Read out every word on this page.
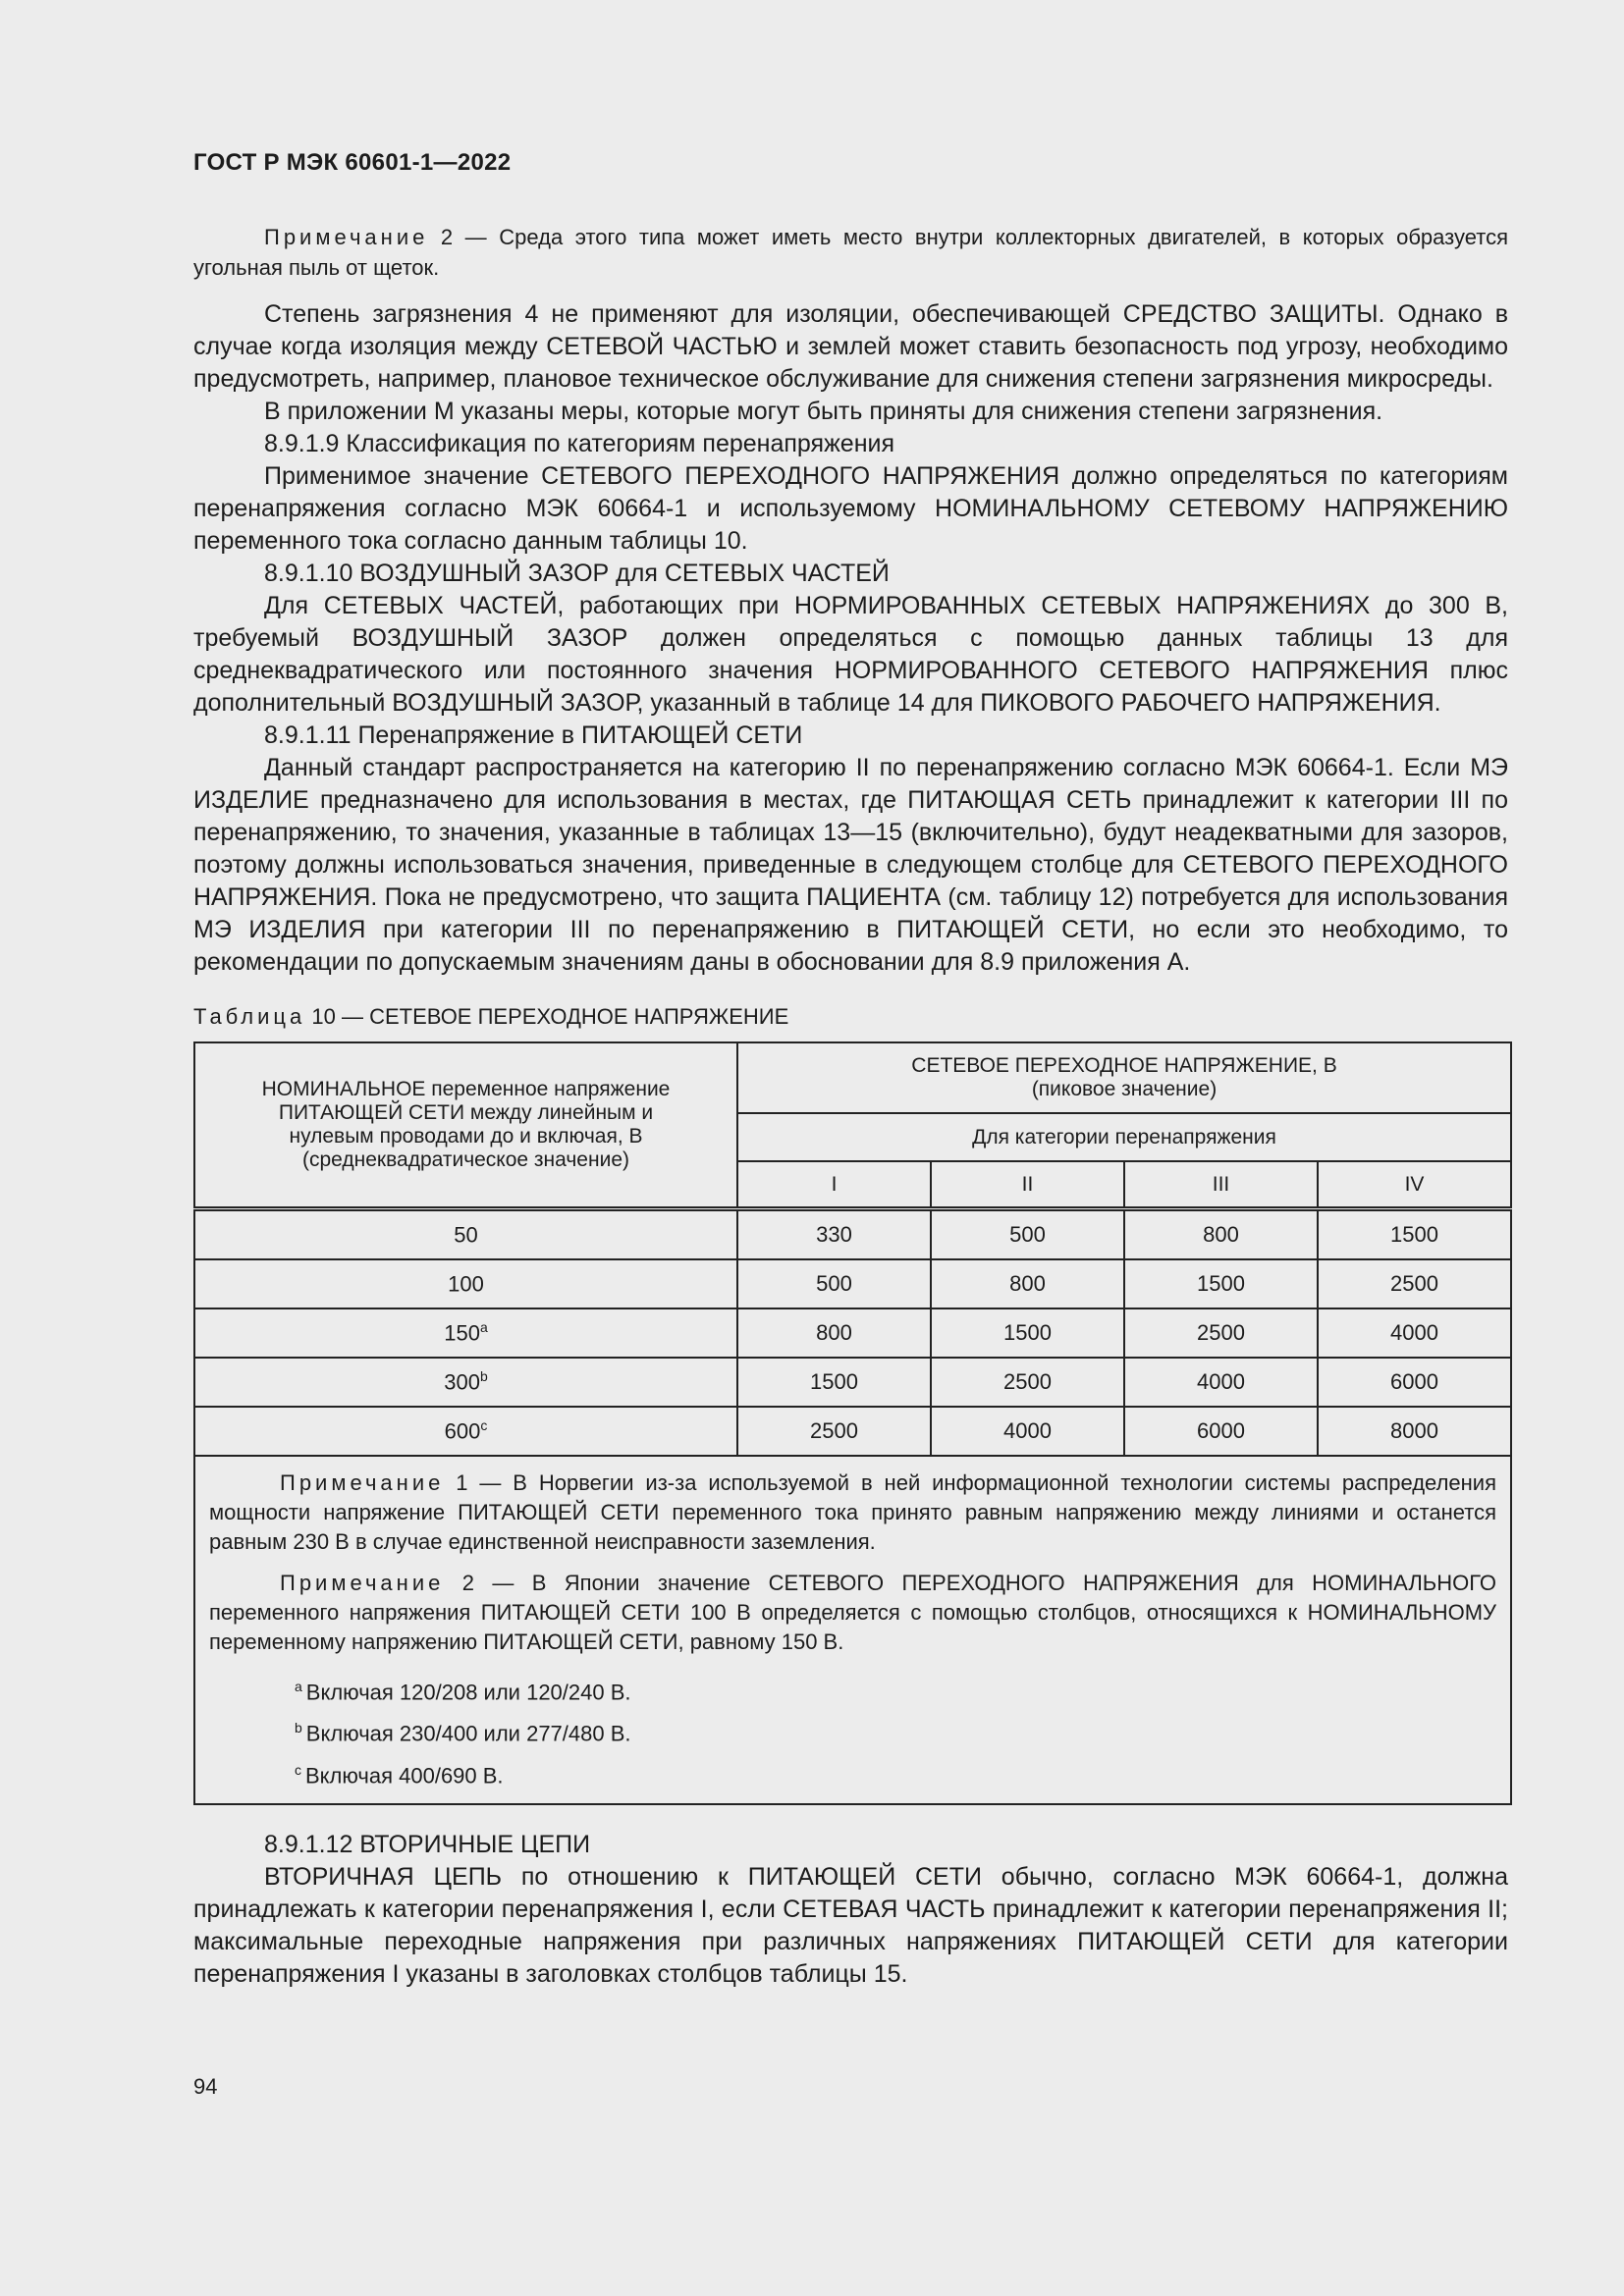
ГОСТ Р МЭК 60601-1—2022

Примечание 2 — Среда этого типа может иметь место внутри коллекторных двигателей, в которых образуется угольная пыль от щеток.

Степень загрязнения 4 не применяют для изоляции, обеспечивающей СРЕДСТВО ЗАЩИТЫ. Однако в случае когда изоляция между СЕТЕВОЙ ЧАСТЬЮ и землей может ставить безопасность под угрозу, необходимо предусмотреть, например, плановое техническое обслуживание для снижения степени загрязнения микросреды.

В приложении М указаны меры, которые могут быть приняты для снижения степени загрязнения.

8.9.1.9 Классификация по категориям перенапряжения

Применимое значение СЕТЕВОГО ПЕРЕХОДНОГО НАПРЯЖЕНИЯ должно определяться по категориям перенапряжения согласно МЭК 60664-1 и используемому НОМИНАЛЬНОМУ СЕТЕВОМУ НАПРЯЖЕНИЮ переменного тока согласно данным таблицы 10.

8.9.1.10 ВОЗДУШНЫЙ ЗАЗОР для СЕТЕВЫХ ЧАСТЕЙ

Для СЕТЕВЫХ ЧАСТЕЙ, работающих при НОРМИРОВАННЫХ СЕТЕВЫХ НАПРЯЖЕНИЯХ до 300 В, требуемый ВОЗДУШНЫЙ ЗАЗОР должен определяться с помощью данных таблицы 13 для среднеквадратического или постоянного значения НОРМИРОВАННОГО СЕТЕВОГО НАПРЯЖЕНИЯ плюс дополнительный ВОЗДУШНЫЙ ЗАЗОР, указанный в таблице 14 для ПИКОВОГО РАБОЧЕГО НАПРЯЖЕНИЯ.

8.9.1.11 Перенапряжение в ПИТАЮЩЕЙ СЕТИ

Данный стандарт распространяется на категорию II по перенапряжению согласно МЭК 60664-1. Если МЭ ИЗДЕЛИЕ предназначено для использования в местах, где ПИТАЮЩАЯ СЕТЬ принадлежит к категории III по перенапряжению, то значения, указанные в таблицах 13—15 (включительно), будут неадекватными для зазоров, поэтому должны использоваться значения, приведенные в следующем столбце для СЕТЕВОГО ПЕРЕХОДНОГО НАПРЯЖЕНИЯ. Пока не предусмотрено, что защита ПАЦИЕНТА (см. таблицу 12) потребуется для использования МЭ ИЗДЕЛИЯ при категории III по перенапряжению в ПИТАЮЩЕЙ СЕТИ, но если это необходимо, то рекомендации по допускаемым значениям даны в обосновании для 8.9 приложения А.

Таблица 10 — СЕТЕВОЕ ПЕРЕХОДНОЕ НАПРЯЖЕНИЕ
НОМИНАЛЬНОЕ переменное напряжение ПИТАЮЩЕЙ СЕТИ между линейным и нулевым проводами до и включая, В (среднеквадратическое значение)	СЕТЕВОЕ ПЕРЕХОДНОЕ НАПРЯЖЕНИЕ, В
(пиковое значение)			

	Для категории перенапряжения			
	I	II	III	IV
50	330	500	800	1500
100	500	800	1500	2500
150$^a$	800	1500	2500	4000
300$^b$	1500	2500	4000	6000
600$^c$	2500	4000	6000	8000

Примечание 1 — В Норвегии из-за используемой в ней информационной технологии системы распределения мощности напряжение ПИТАЮЩЕЙ СЕТИ переменного тока принято равным напряжению между линиями и останется равным 230 В в случае единственной неисправности заземления.

Примечание 2 — В Японии значение СЕТЕВОГО ПЕРЕХОДНОГО НАПРЯЖЕНИЯ для НОМИНАЛЬНОГО переменного напряжения ПИТАЮЩЕЙ СЕТИ 100 В определяется с помощью столбцов, относящихся к НОМИНАЛЬНОМУ переменному напряжению ПИТАЮЩЕЙ СЕТИ, равному 150 В.

$^a$ Включая 120/208 или 120/240 В.
$^b$ Включая 230/400 или 277/480 В.
$^c$ Включая 400/690 В.				

8.9.1.12 ВТОРИЧНЫЕ ЦЕПИ

ВТОРИЧНАЯ ЦЕПЬ по отношению к ПИТАЮЩЕЙ СЕТИ обычно, согласно МЭК 60664-1, должна принадлежать к категории перенапряжения I, если СЕТЕВАЯ ЧАСТЬ принадлежит к категории перенапряжения II; максимальные переходные напряжения при различных напряжениях ПИТАЮЩЕЙ СЕТИ для категории перенапряжения I указаны в заголовках столбцов таблицы 15.

94
